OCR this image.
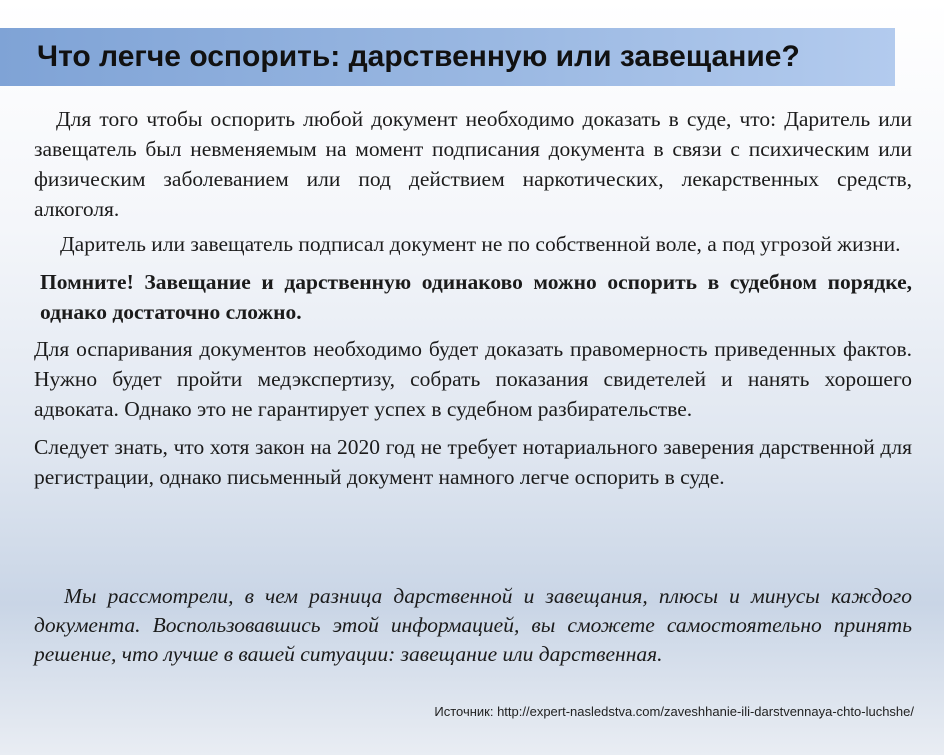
Что легче оспорить: дарственную или завещание?

Для того чтобы оспорить любой документ необходимо доказать в суде, что: Даритель или завещатель был невменяемым на момент подписания документа в связи с психическим или физическим заболеванием или под действием наркотических, лекарственных средств, алкоголя.

Даритель или завещатель подписал документ не по собственной воле, а под угрозой жизни.

Помните! Завещание и дарственную одинаково можно оспорить в судебном порядке, однако достаточно сложно.

Для оспаривания документов необходимо будет доказать правомерность приведенных фактов. Нужно будет пройти медэкспертизу, собрать показания свидетелей и нанять хорошего адвоката. Однако это не гарантирует успех в судебном разбирательстве.

Следует знать, что хотя закон на 2020 год не требует нотариального заверения дарственной для регистрации, однако письменный документ намного легче оспорить в суде.

Мы рассмотрели, в чем разница дарственной и завещания, плюсы и минусы каждого документа. Воспользовавшись этой информацией, вы сможете самостоятельно принять решение, что лучше в вашей ситуации: завещание или дарственная.

Источник: http://expert-nasledstva.com/zaveshhanie-ili-darstvennaya-chto-luchshe/
